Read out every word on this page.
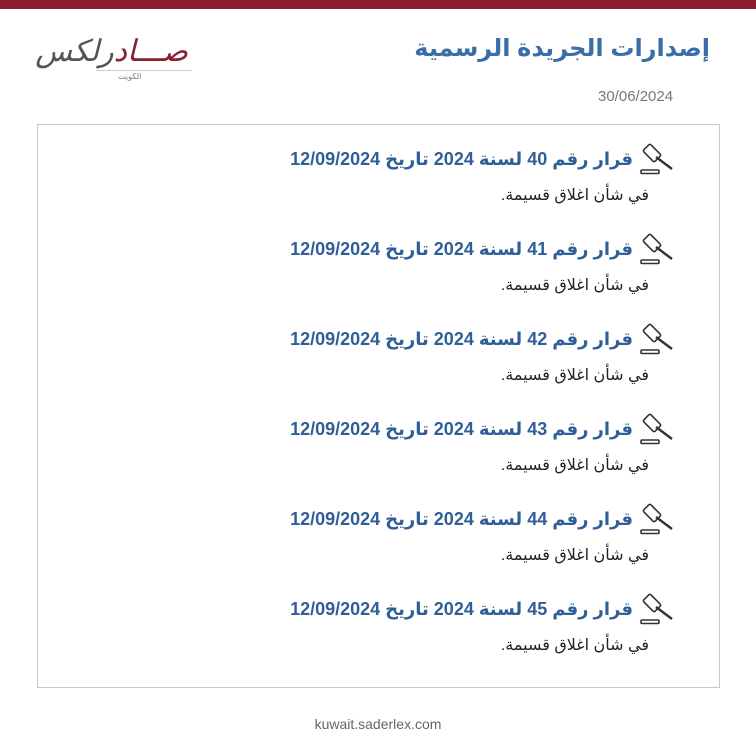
إصدارات الجريدة الرسمية
30/06/2024
صـــادرلكس
الكويت
قرار رقم 40 لسنة 2024 تاريخ 12/09/2024
في شأن اغلاق قسيمة.
قرار رقم 41 لسنة 2024 تاريخ 12/09/2024
في شأن اغلاق قسيمة.
قرار رقم 42 لسنة 2024 تاريخ 12/09/2024
في شأن اغلاق قسيمة.
قرار رقم 43 لسنة 2024 تاريخ 12/09/2024
في شأن اغلاق قسيمة.
قرار رقم 44 لسنة 2024 تاريخ 12/09/2024
في شأن اغلاق قسيمة.
قرار رقم 45 لسنة 2024 تاريخ 12/09/2024
في شأن اغلاق قسيمة.
kuwait.saderlex.com
